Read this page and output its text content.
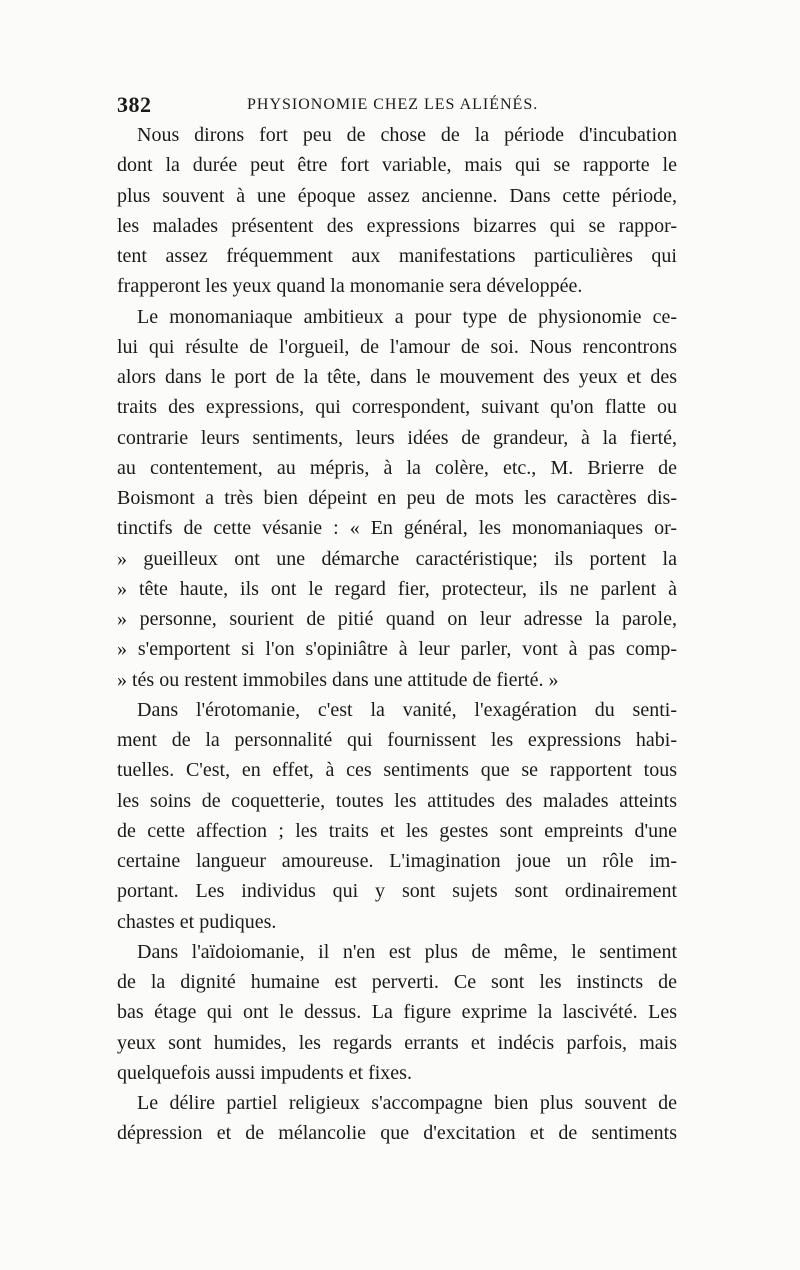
382	PHYSIONOMIE CHEZ LES ALIÉNÉS.
Nous dirons fort peu de chose de la période d'incubation
dont la durée peut être fort variable, mais qui se rapporte le
plus souvent à une époque assez ancienne. Dans cette période,
les malades présentent des expressions bizarres qui se rappor-
tent assez fréquemment aux manifestations particulières qui
frapperont les yeux quand la monomanie sera développée.
Le monomaniaque ambitieux a pour type de physionomie ce-
lui qui résulte de l'orgueil, de l'amour de soi. Nous rencontrons
alors dans le port de la tête, dans le mouvement des yeux et des
traits des expressions, qui correspondent, suivant qu'on flatte ou
contrarie leurs sentiments, leurs idées de grandeur, à la fierté,
au contentement, au mépris, à la colère, etc., M. Brierre de
Boismont a très bien dépeint en peu de mots les caractères dis-
tinctifs de cette vésanie : « En général, les monomaniaques or-
» gueilleux ont une démarche caractéristique; ils portent la
» tête haute, ils ont le regard fier, protecteur, ils ne parlent à
» personne, sourient de pitié quand on leur adresse la parole,
» s'emportent si l'on s'opiniâtre à leur parler, vont à pas comp-
» tés ou restent immobiles dans une attitude de fierté. »
Dans l'érotomanie, c'est la vanité, l'exagération du senti-
ment de la personnalité qui fournissent les expressions habi-
tuelles. C'est, en effet, à ces sentiments que se rapportent tous
les soins de coquetterie, toutes les attitudes des malades atteints
de cette affection ; les traits et les gestes sont empreints d'une
certaine langueur amoureuse. L'imagination joue un rôle im-
portant. Les individus qui y sont sujets sont ordinairement
chastes et pudiques.
Dans l'aïdoiomanie, il n'en est plus de même, le sentiment
de la dignité humaine est perverti. Ce sont les instincts de
bas étage qui ont le dessus. La figure exprime la lascivété. Les
yeux sont humides, les regards errants et indécis parfois, mais
quelquefois aussi impudents et fixes.
Le délire partiel religieux s'accompagne bien plus souvent de
dépression et de mélancolie que d'excitation et de sentiments
